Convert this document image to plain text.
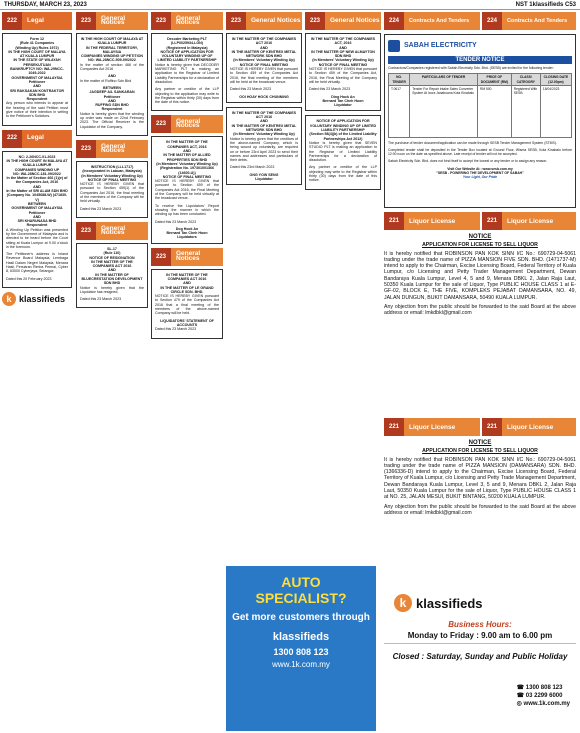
THURSDAY, MARCH 23, 2023	NST 1klassifieds C53
222	Legal
Form 12
(Rule 41 Companies
(Winding Up) Rules 1972)
IN THE HIGH COURT OF MALAYA AT KUALA LUMPUR
IN THE STATE OF WILAYAH PERSEKUTUAN
BANKRUPTCY NO: WA-29NCC-1049-2022
GOVERNMENT OF MALAYSIA
Petitioner
AND
SRI RAKSAKAN KONTRAKTOR SDN BHD
Respondent
Any person who intends to appear at the hearing of the said Petition must give notice of their intention in writing to the Petitioner's Solicitors.
222	Legal
NC: 2-26NCC-01-2023
IN THE HIGH COURT IN MALAYA AT KUALA LUMPUR
COMPANIES WINDING UP
NO: WA-28NCC-181-09/2022
In the Matter of Section 466 (1)(e) of the Companies Act, 2016
AND
In the Matter of SRI ALAM SDN BHD (Company No. 1045688-W) (471830-V)
BETWEEN
GOVERNMENT OF MALAYSIA
Petitioner
AND
SRI KHARUNASA BHD
Respondent
A Winding Up Petition was presented by the Government of Malaysia and is directed to be heard before the Court sitting at Kuala Lumpur at 9.00 o'clock in the forenoon.
The Petitioner's address is Inland Revenue Board Malaysia, Lembaga Hasil Dalam Negeri Malaysia, Menara Hasil, Persiaran Rimba Permai, Cyber 8, 63000 Cyberjaya, Selangor.
Dated this 20 February 2023
k klassifieds
223	General Notices
IN THE HIGH COURT OF MALAYA AT KUALA LUMPUR
IN THE FEDERAL TERRITORY, MALAYSIA
COMPANIES WINDING UP PETITION NO: WA-28NCC-509-09/2022
In the matter of section 466 of the Companies Act 2016
AND
In the matter of Ruffino Sdn Bhd
BETWEEN
JAGDEEP A/L SANKARAN
Petitioner
AND
RUFFINO SDN BHD
Respondent
Notice is hereby given that the winding up order was made on 22nd February 2023. The Official Receiver is the Liquidator of the Company.
223	General Notices
INSTRUCTION (LLL1717)
(Incorporated in Labuan, Malaysia)
(In Members' Voluntary Winding Up)
NOTICE OF FINAL MEETING
NOTICE IS HEREBY GIVEN that pursuant to Section 459(1) of the Companies Act 2016, the final meeting of the members of the Company will be held virtually.
Dated this 23 March 2023
223	General Notices
SL-17
(Rule 110)
NOTICE OF RESIGNATION
IN THE MATTER OF THE COMPANIES ACT 2016
AND
IN THE MATTER OF BLUECRESTATION DEVELOPMENT SDN BHD
Notice is hereby given that the Liquidator has resigned.
Dated this 23 March 2023
223	General Notices
Decoder Marketing PLT (LLP0025934-LGN)
(Registered in Malaysia)
NOTICE OF APPLICATION FOR VOLUNTARY WINDING UP OF LIMITED LIABILITY PARTNERSHIP
Notice is hereby given that DECODER MARKETING PLT is making an application to the Registrar of Limited Liability Partnerships for a declaration of dissolution.
Any partner or creditor of the LLP objecting to the application may write to the Registrar within thirty (30) days from the date of this notice.
223	General Notices
IN THE MATTER OF THE COMPANIES ACT, 2016
AND
IN THE MATTER OF ALLIED PROPERTIES SDN BHD
(In Members' Voluntary Winding Up)
(Registration No. 197301001366 (14600-U))
NOTICE OF FINAL MEETING
NOTICE IS HEREBY GIVEN that pursuant to Section 459 of the Companies Act 2016, the Final Meeting of the Company will be held virtually at the broadcast venue.
To receive the Liquidators' Report showing the manner in which the winding up has been conducted.
Dated this 23 March 2023
Dog Hock An
Bernard Tan Cheh Hoon
Liquidators
223	General Notices
IN THE MATTER OF THE COMPANIES ACT 2016
AND
IN THE MATTER OF LE GRAND CIRCLE SDN. BHD.
NOTICE IS HEREBY GIVEN pursuant to Section 479 of the Companies Act 2016 that a final meeting of the members of the above-named Company will be held.
LIQUIDATORS' STATEMENT OF ACCOUNTS
Dated this 23 March 2023
223	General Notices
IN THE MATTER OF THE COMPANIES ACT 2016
AND
IN THE MATTER OF KENTREX METAL NETWORK SDN BHD
(In Members' Voluntary Winding Up)
NOTICE OF FINAL MEETING
NOTICE IS HEREBY GIVEN that pursuant to Section 459 of the Companies Act 2016, the final meeting of the members will be held at the broadcast venue.
Dated this 23 March 2023
OOI HOAY HOCK CHUNNING
IN THE MATTER OF THE COMPANIES ACT 2016
AND
IN THE MATTER OF KENTREX METAL NETWORK SDN BHD
(In Members' Voluntary Winding Up)
Notice is hereby given that the creditors of the above-named Company, which is being wound up voluntarily, are required on or before 23rd April 2023 to send their names and addresses and particulars of their debts.
Dated this 23rd March 2023
ONG YOW SENG
Liquidator
223	General Notices
IN THE MATTER OF THE COMPANIES ACT, 2016
AND
IN THE MATTER OF NEW ALMAYTON SDN BHD
(In Members' Voluntary Winding Up)
NOTICE OF FINAL MEETING
NOTICE IS HEREBY GIVEN that pursuant to Section 459 of the Companies Act, 2016, the Final Meeting of the Company will be held virtually.
Dated this 23 March 2023
Ding Hock An
Bernard Tan Cheh Hoon
Liquidator
NOTICE OF APPLICATION FOR VOLUNTARY WINDING UP OF LIMITED LIABILITY PARTNERSHIP
(Section 58(4)(b) of the Limited Liability Partnerships Act 2012)
Notice is hereby given that SEVEN STUDIO PLT is making an application to the Registrar of Limited Liability Partnerships for a declaration of dissolution.
Any partner or creditor of the LLP objecting may write to the Registrar within thirty (30) days from the date of this notice.
224	Contracts And Tenders	224	Contracts And Tenders
SABAH ELECTRICITY
TENDER NOTICE
Contractors/Companies registered with Sabah Electricity Sdn. Bhd. (SESB) are invited for the following tender:
NO. TENDER	PARTICULARS OF TENDER	PRICE OF DOCUMENT (RM)	CLASS/ CATEGORY	CLOSING DATE (12.00pm)
T.0617	Tender For Repair Intake Sales Converter System At Ixora Janabuana Kota Kinabalu	RM 500	Registered With SESB	18/04/2023
The purchase of tender document/application can be made through SESB Tender Management System (STMS).
Completed tender shall be deposited in the Tender Box located at Ground Floor, Wisma SESB, Kota Kinabalu before 12:00 noon on the date as specified above. Late receipt of tender will not be accepted.
Sabah Electricity Sdn. Bhd. does not bind itself to accept the lowest or any tender or to assign any reason.
Visit Our Website At : www.sesb.com.my
"SESB - POWERING THE DEVELOPMENT OF SABAH"
Your Light, Our Pride
221	Liquor License	221	Liquor License
NOTICE
APPLICATION FOR LICENSE TO SELL LIQUOR
It is hereby notified that ROBINSON PAN KOK SINN I/C No.: 690729-04-5061 trading under the trade name of PIZZA MANSION FIVE SDN. BHD. (1471737-M) intend to apply to the Chairman, Excise Licensing Board, Federal Territory of Kuala Lumpur, c/o Licensing and Petty Trader Management Department, Dewan Bandaraya Kuala Lumpur, Level 4, 5 and 9, Menara DBKL 2, Jalan Raja Laut, 50350 Kuala Lumpur for the sale of Liquor, Type PUBLIC HOUSE CLASS 1 at E-GF-02, BLOCK E, THE FIVE, KOMPLEKS PEJABAT DAMANSARA, NO. 49, JALAN DUNGUN, BUKIT DAMANSARA, 50490 KUALA LUMPUR.
Any objection from the public should be forwarded to the said Board at the above address or email: lmkdbkl@gmail.com
221	Liquor License	221	Liquor License
NOTICE
APPLICATION FOR LICENSE TO SELL LIQUOR
It is hereby notified that ROBINSON PAN KOK SINN I/C No.: 690729-04-5061 trading under the trade name of PIZZA MANSION (DAMANSARA) SDN. BHD. (1366336-D) intend to apply to the Chairman, Excise Licensing Board, Federal Territory of Kuala Lumpur, c/o Licensing and Petty Trade Management Department, Dewan Bandaraya Kuala Lumpur, Level 3, 5 and 9, Menara DBKL 2, Jalan Raja Laut, 50350 Kuala Lumpur for the sale of Liquor, Type PUBLIC HOUSE CLASS 1 at NO. 25, JALAN MESUI, BUKIT BINTANG, 50200 KUALA LUMPUR.
Any objection from the public should be forwarded to the said Board at the above address or email: lmkdbkl@gmail.com
AUTO
SPECIALIST?
Get more customers through
klassifieds
1300 808 123
www.1k.com.my
k klassifieds
Business Hours:
Monday to Friday : 9.00 am to 6.00 pm
Closed : Saturday, Sunday and Public Holiday
☎ 1300 808 123
☎ 03 2299 6000
◎ www.1k.com.my
